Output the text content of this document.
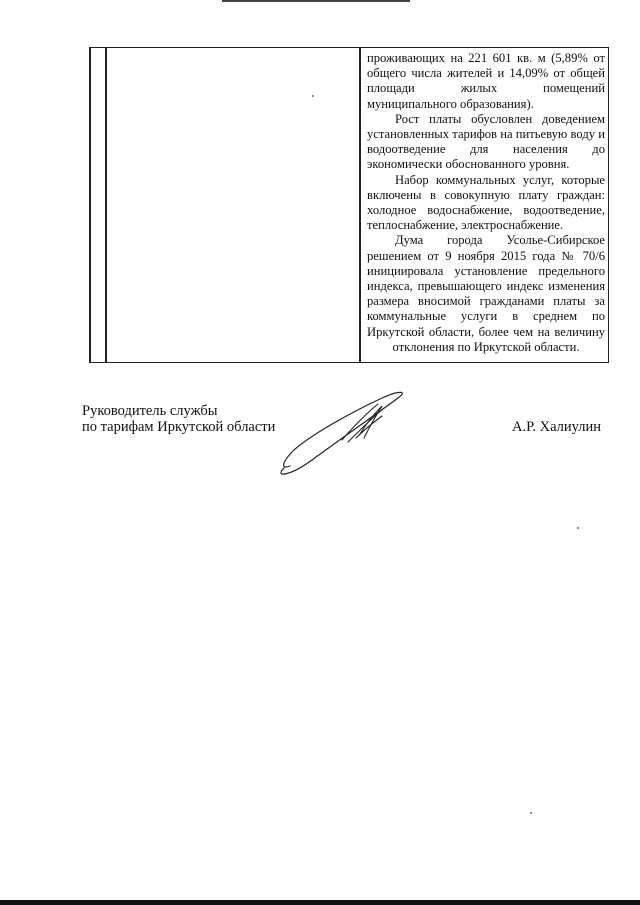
проживающих на 221 601 кв. м (5,89% от общего числа жителей и 14,09% от общей площади жилых помещений муниципального образования).

Рост платы обусловлен доведением установленных тарифов на питьевую воду и водоотведение для населения до экономически обоснованного уровня.

Набор коммунальных услуг, которые включены в совокупную плату граждан: холодное водоснабжение, водоотведение, теплоснабжение, электроснабжение.

Дума города Усолье-Сибирское решением от 9 ноября 2015 года № 70/6 инициировала установление предельного индекса, превышающего индекс изменения размера вносимой гражданами платы за коммунальные услуги в среднем по Иркутской области, более чем на величину отклонения по Иркутской области.

Руководитель службы
по тарифам Иркутской области	А.Р. Халиулин
